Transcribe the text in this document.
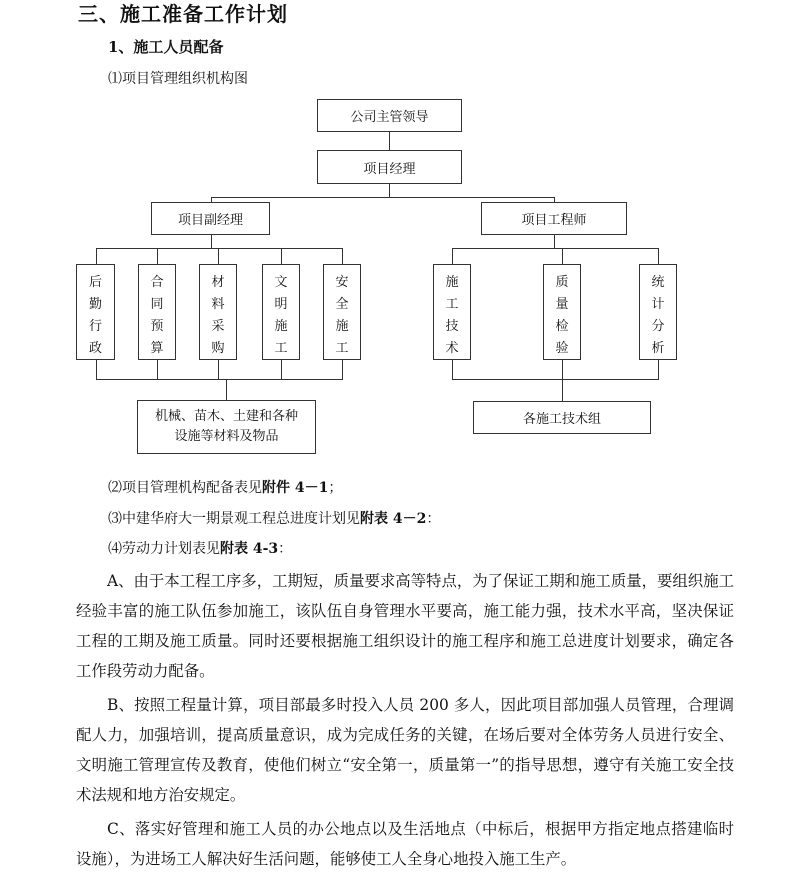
三、施工准备工作计划
1、施工人员配备
⑴项目管理组织机构图
公司主管领导
项目经理
项目副经理	项目工程师
后
勤
行
政
合
同
预
算
材
料
采
购
文
明
施
工
安
全
施
工
施
工
技
术
质
量
检
验
统
计
分
析
机械、苗木、土建和各种设施等材料及物品
各施工技术组
⑵项目管理机构配备表见附件 4－1；
⑶中建华府大一期景观工程总进度计划见附表 4－2：
⑷劳动力计划表见附表 4-3：
A、由于本工程工序多，工期短，质量要求高等特点，为了保证工期和施工质量，要组织施工经验丰富的施工队伍参加施工，该队伍自身管理水平要高，施工能力强，技术水平高，坚决保证工程的工期及施工质量。同时还要根据施工组织设计的施工程序和施工总进度计划要求，确定各工作段劳动力配备。
B、按照工程量计算，项目部最多时投入人员 200 多人，因此项目部加强人员管理，合理调配人力，加强培训，提高质量意识，成为完成任务的关键，在场后要对全体劳务人员进行安全、文明施工管理宣传及教育，使他们树立“安全第一，质量第一”的指导思想，遵守有关施工安全技术法规和地方治安规定。
C、落实好管理和施工人员的办公地点以及生活地点（中标后，根据甲方指定地点搭建临时设施），为进场工人解决好生活问题，能够使工人全身心地投入施工生产。
